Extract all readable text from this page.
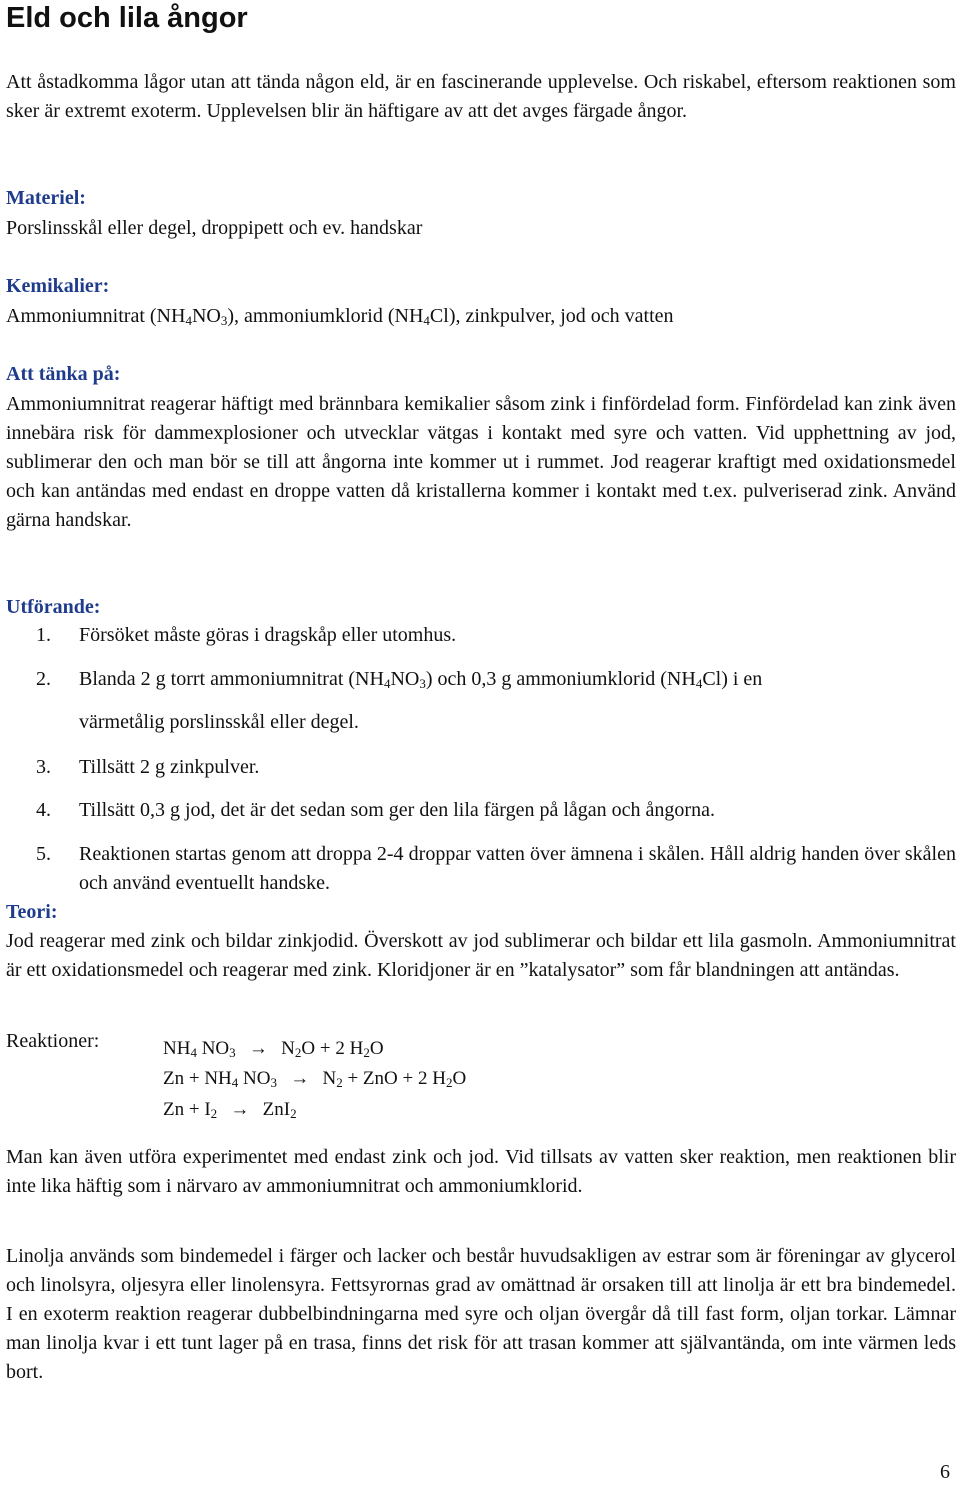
Eld och lila ångor

Att åstadkomma lågor utan att tända någon eld, är en fascinerande upplevelse. Och riskabel, eftersom reaktionen som sker är extremt exoterm. Upplevelsen blir än häftigare av att det avges färgade ångor.

Materiel:

Porslinsskål eller degel, droppipett och ev. handskar

Kemikalier:

Ammoniumnitrat $(NH_4NO_3)$, ammoniumklorid $(NH_4Cl)$, zinkpulver, jod och vatten

Att tänka på:

Ammoniumnitrat reagerar häftigt med brännbara kemikalier såsom zink i finfördelad form. Finfördelad kan zink även innebära risk för dammexplosioner och utvecklar vätgas i kontakt med syre och vatten. Vid upphettning av jod, sublimerar den och man bör se till att ångorna inte kommer ut i rummet. Jod reagerar kraftigt med oxidationsmedel och kan antändas med endast en droppe vatten då kristallerna kommer i kontakt med t.ex. pulveriserad zink. Använd gärna handskar.

Utförande:
1. Försöket måste göras i dragskåp eller utomhus.
2. Blanda 2 g torrt ammoniumnitrat $(NH_4NO_3)$ och 0,3 g ammoniumklorid $(NH_4Cl)$ i en
värmetålig porslinsskål eller degel.
3. Tillsätt 2 g zinkpulver.
4. Tillsätt 0,3 g jod, det är det sedan som ger den lila färgen på lågan och ångorna.
5. Reaktionen startas genom att droppa 2-4 droppar vatten över ämnena i skålen. Håll aldrig handen över skålen och använd eventuellt handske.
Teori:

Jod reagerar med zink och bildar zinkjodid. Överskott av jod sublimerar och bildar ett lila gasmoln. Ammoniumnitrat är ett oxidationsmedel och reagerar med zink. Kloridjoner är en ”katalysator” som får blandningen att antändas.

Reaktioner:	$NH_4$ $NO_3 \to N_2O + 2$ $H_2O$
$Zn + NH_4$ $NO_3 \to N_2$ + ZnO + 2 $H_2O$
$Zn + I_2 \to ZnI_2$

Man kan även utföra experimentet med endast zink och jod. Vid tillsats av vatten sker reaktion, men reaktionen blir inte lika häftig som i närvaro av ammoniumnitrat och ammoniumklorid.

Linolja används som bindemedel i färger och lacker och består huvudsakligen av estrar som är föreningar av glycerol och linolsyra, oljesyra eller linolensyra. Fettsyrornas grad av omättnad är orsaken till att linolja är ett bra bindemedel. I en exoterm reaktion reagerar dubbelbindningarna med syre och oljan övergår då till fast form, oljan torkar. Lämnar man linolja kvar i ett tunt lager på en trasa, finns det risk för att trasan kommer att självantända, om inte värmen leds bort.

6
